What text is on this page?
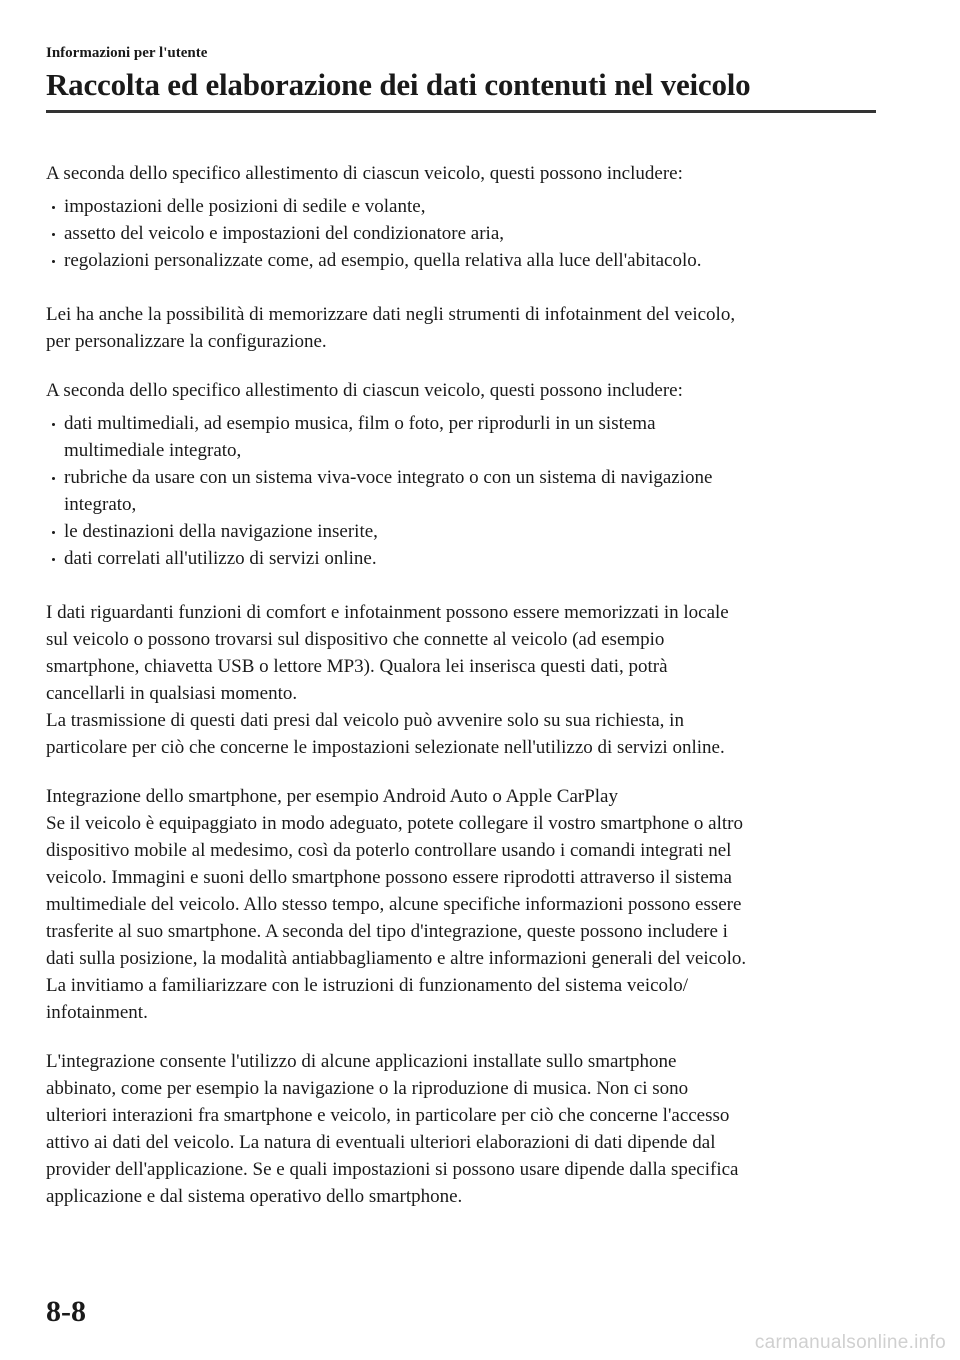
Informazioni per l'utente
Raccolta ed elaborazione dei dati contenuti nel veicolo

A seconda dello specifico allestimento di ciascun veicolo, questi possono includere:

impostazioni delle posizioni di sedile e volante,
assetto del veicolo e impostazioni del condizionatore aria,
regolazioni personalizzate come, ad esempio, quella relativa alla luce dell'abitacolo.

Lei ha anche la possibilità di memorizzare dati negli strumenti di infotainment del veicolo,
per personalizzare la configurazione.

A seconda dello specifico allestimento di ciascun veicolo, questi possono includere:

dati multimediali, ad esempio musica, film o foto, per riprodurli in un sistema
multimediale integrato,
rubriche da usare con un sistema viva-voce integrato o con un sistema di navigazione
integrato,
le destinazioni della navigazione inserite,
dati correlati all'utilizzo di servizi online.

I dati riguardanti funzioni di comfort e infotainment possono essere memorizzati in locale
sul veicolo o possono trovarsi sul dispositivo che connette al veicolo (ad esempio
smartphone, chiavetta USB o lettore MP3). Qualora lei inserisca questi dati, potrà
cancellarli in qualsiasi momento.
La trasmissione di questi dati presi dal veicolo può avvenire solo su sua richiesta, in
particolare per ciò che concerne le impostazioni selezionate nell'utilizzo di servizi online.

Integrazione dello smartphone, per esempio Android Auto o Apple CarPlay
Se il veicolo è equipaggiato in modo adeguato, potete collegare il vostro smartphone o altro
dispositivo mobile al medesimo, così da poterlo controllare usando i comandi integrati nel
veicolo. Immagini e suoni dello smartphone possono essere riprodotti attraverso il sistema
multimediale del veicolo. Allo stesso tempo, alcune specifiche informazioni possono essere
trasferite al suo smartphone. A seconda del tipo d'integrazione, queste possono includere i
dati sulla posizione, la modalità antiabbagliamento e altre informazioni generali del veicolo.
La invitiamo a familiarizzare con le istruzioni di funzionamento del sistema veicolo/
infotainment.

L'integrazione consente l'utilizzo di alcune applicazioni installate sullo smartphone
abbinato, come per esempio la navigazione o la riproduzione di musica. Non ci sono
ulteriori interazioni fra smartphone e veicolo, in particolare per ciò che concerne l'accesso
attivo ai dati del veicolo. La natura di eventuali ulteriori elaborazioni di dati dipende dal
provider dell'applicazione. Se e quali impostazioni si possono usare dipende dalla specifica
applicazione e dal sistema operativo dello smartphone.

8-8
carmanualsonline.info
